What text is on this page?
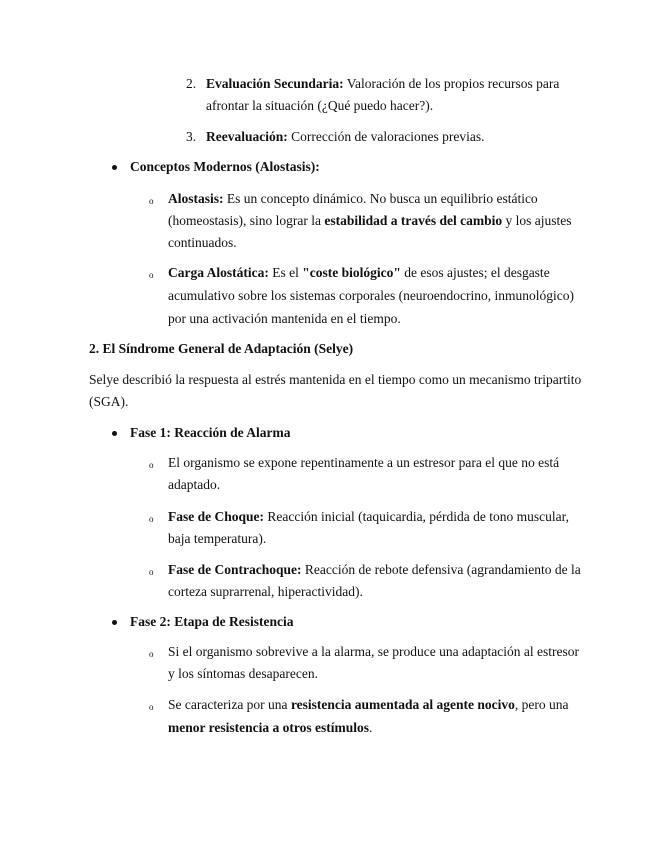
2. Evaluación Secundaria: Valoración de los propios recursos para
afrontar la situación (¿Qué puedo hacer?).
3. Reevaluación: Corrección de valoraciones previas.
Conceptos Modernos (Alostasis):
o Alostasis: Es un concepto dinámico. No busca un equilibrio estático
(homeostasis), sino lograr la estabilidad a través del cambio y los ajustes
continuados.
o Carga Alostática: Es el "coste biológico" de esos ajustes; el desgaste
acumulativo sobre los sistemas corporales (neuroendocrino, inmunológico)
por una activación mantenida en el tiempo.
2. El Síndrome General de Adaptación (Selye)
Selye describió la respuesta al estrés mantenida en el tiempo como un mecanismo tripartito
(SGA).
Fase 1: Reacción de Alarma
o El organismo se expone repentinamente a un estresor para el que no está
adaptado.
o Fase de Choque: Reacción inicial (taquicardia, pérdida de tono muscular,
baja temperatura).
o Fase de Contrachoque: Reacción de rebote defensiva (agrandamiento de la
corteza suprarrenal, hiperactividad).
Fase 2: Etapa de Resistencia
o Si el organismo sobrevive a la alarma, se produce una adaptación al estresor
y los síntomas desaparecen.
o Se caracteriza por una resistencia aumentada al agente nocivo, pero una
menor resistencia a otros estímulos.
